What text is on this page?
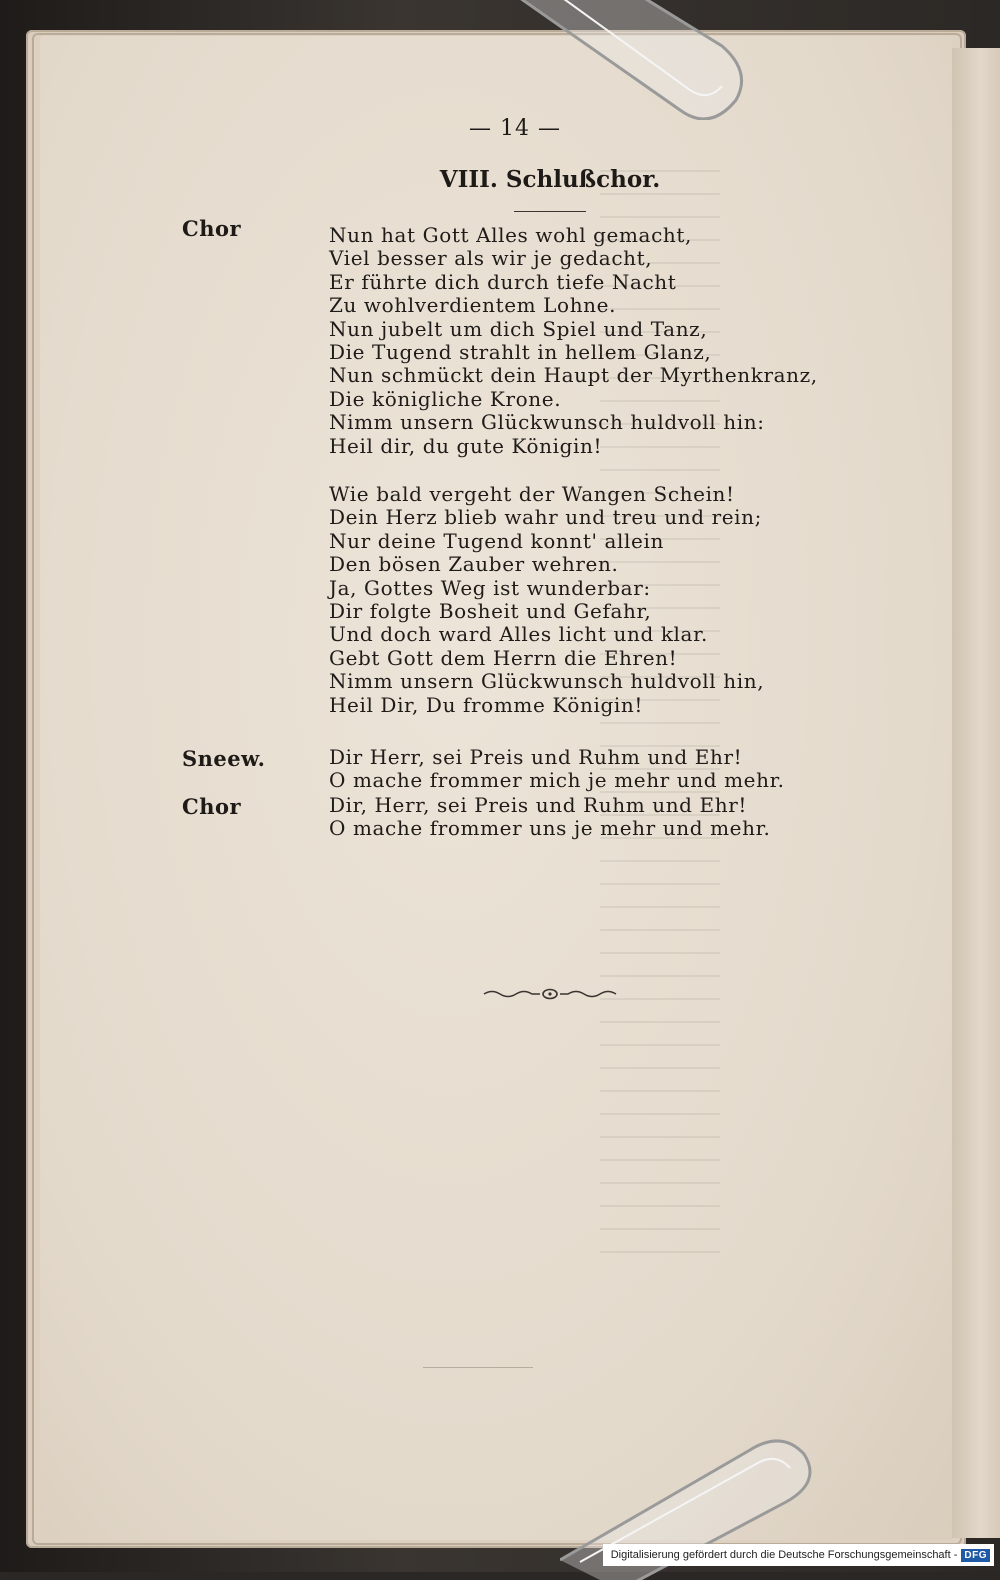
— 14 —
VIII. Schlußchor.
Chor	Nun hat Gott Alles wohl gemacht,
Viel besser als wir je gedacht,
Er führte dich durch tiefe Nacht
Zu wohlverdientem Lohne.
Nun jubelt um dich Spiel und Tanz,
Die Tugend strahlt in hellem Glanz,
Nun schmückt dein Haupt der Myrthenkranz,
Die königliche Krone.
Nimm unsern Glückwunsch huldvoll hin:
Heil dir, du gute Königin!
Wie bald vergeht der Wangen Schein!
Dein Herz blieb wahr und treu und rein;
Nur deine Tugend konnt' allein
Den bösen Zauber wehren.
Ja, Gottes Weg ist wunderbar:
Dir folgte Bosheit und Gefahr,
Und doch ward Alles licht und klar.
Gebt Gott dem Herrn die Ehren!
Nimm unsern Glückwunsch huldvoll hin,
Heil Dir, Du fromme Königin!
Sneew.	Dir Herr, sei Preis und Ruhm und Ehr!
O mache frommer mich je mehr und mehr.
Chor	Dir, Herr, sei Preis und Ruhm und Ehr!
O mache frommer uns je mehr und mehr.
Digitalisierung gefördert durch die Deutsche Forschungsgemeinschaft - DFG
